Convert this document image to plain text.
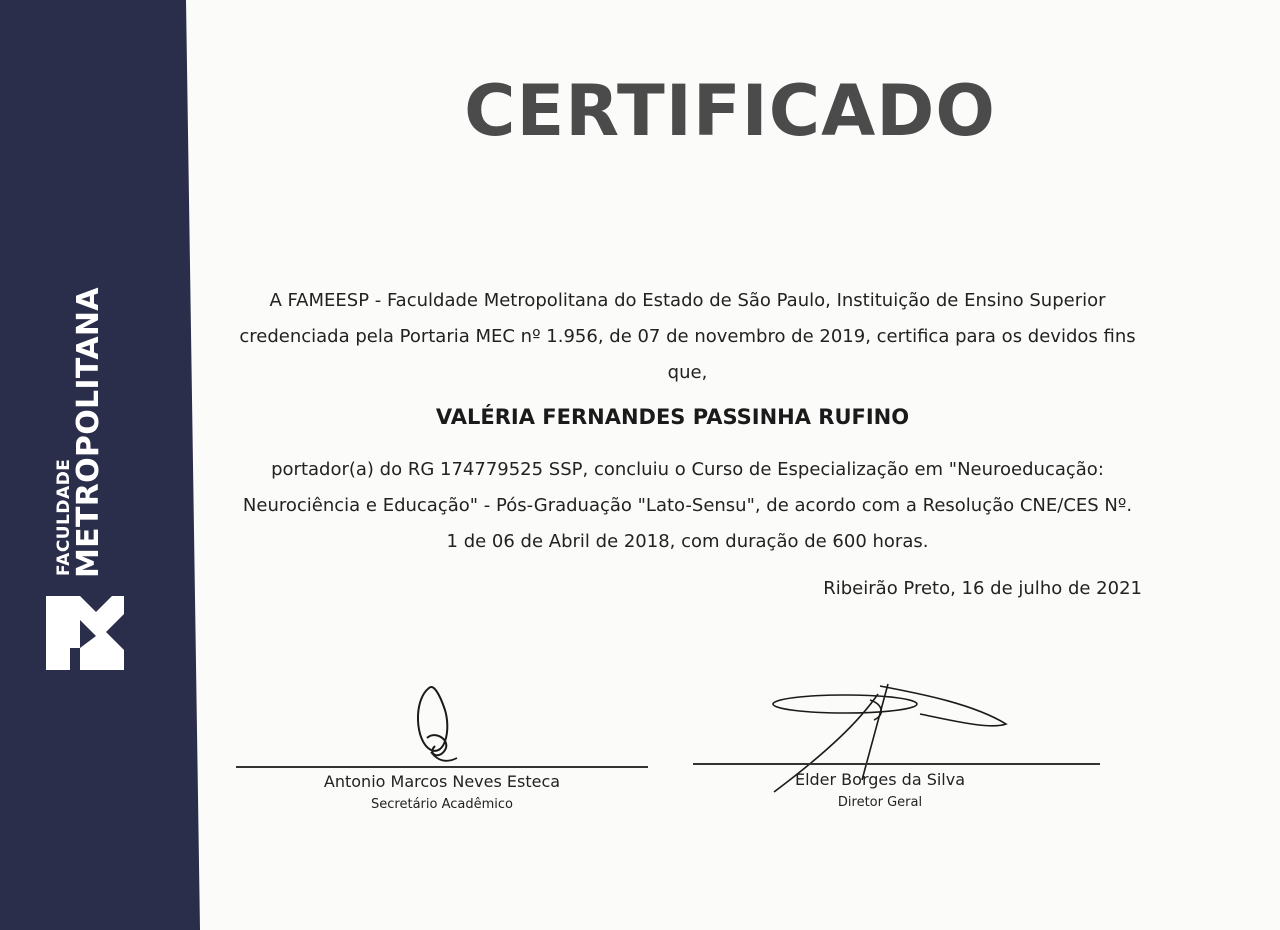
FACULDADE
METROPOLITANA
CERTIFICADO
A FAMEESP - Faculdade Metropolitana do Estado de São Paulo, Instituição de Ensino Superior
credenciada pela Portaria MEC nº 1.956, de 07 de novembro de 2019, certifica para os devidos fins
que,
VALÉRIA FERNANDES PASSINHA RUFINO
portador(a) do RG 174779525 SSP, concluiu o Curso de Especialização em "Neuroeducação:
Neurociência e Educação" - Pós-Graduação "Lato-Sensu", de acordo com a Resolução CNE/CES Nº.
1 de 06 de Abril de 2018, com duração de 600 horas.
Ribeirão Preto, 16 de julho de 2021
Antonio Marcos Neves Esteca
Secretário Acadêmico
Elder Borges da Silva
Diretor Geral
